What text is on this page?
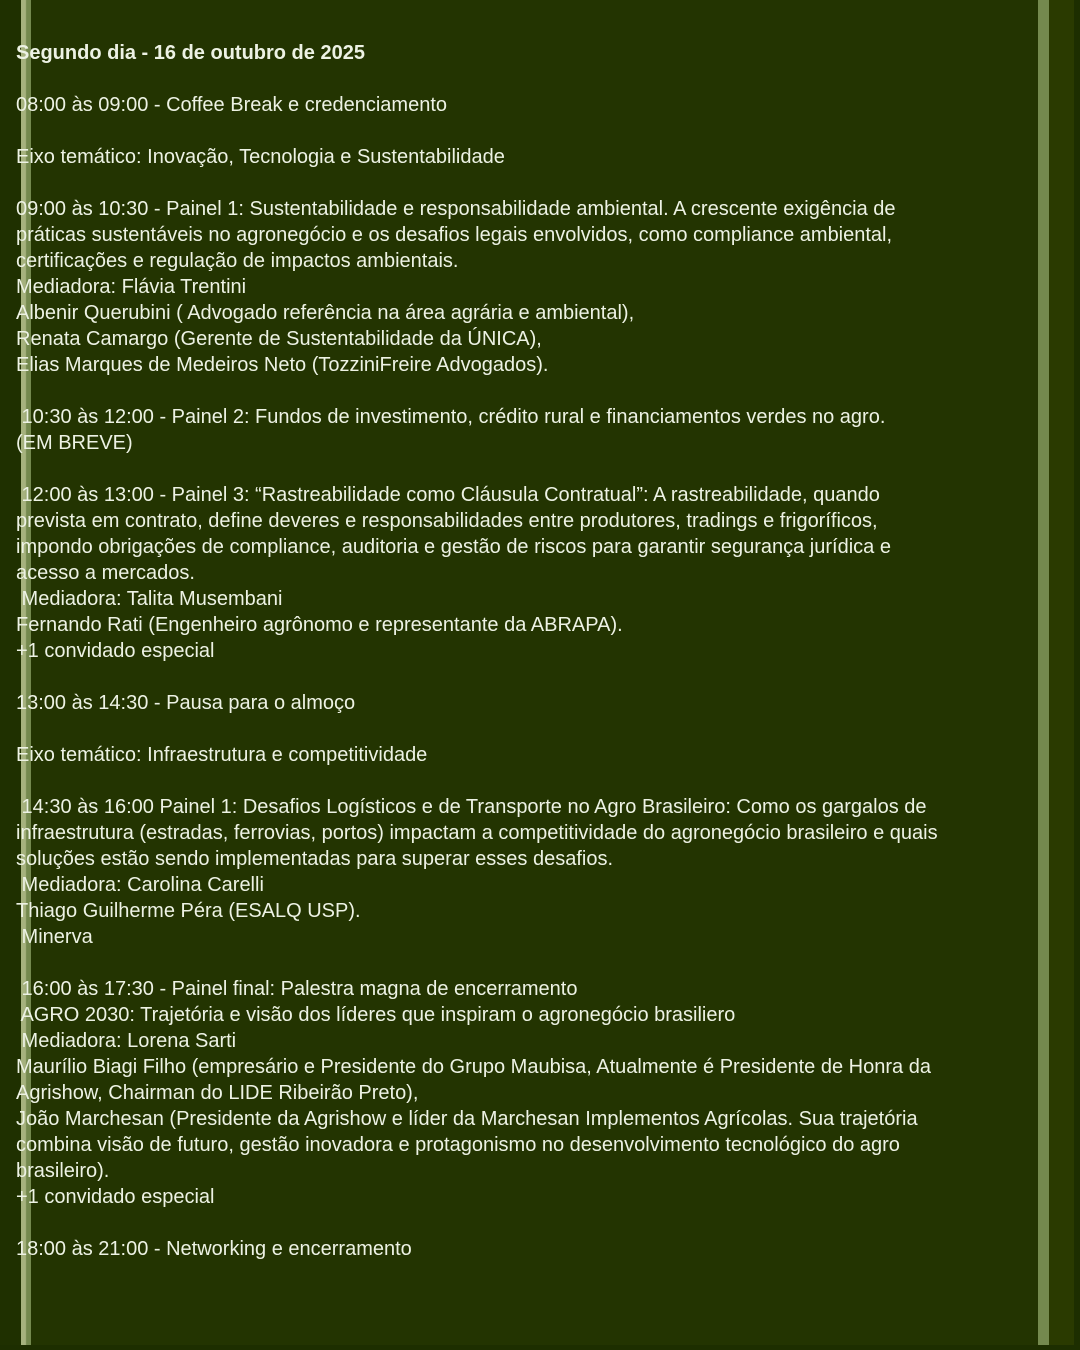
Segundo dia - 16 de outubro de 2025
08:00 às 09:00 - Coffee Break e credenciamento
Eixo temático: Inovação, Tecnologia e Sustentabilidade
09:00 às 10:30 - Painel 1: Sustentabilidade e responsabilidade ambiental. A crescente exigência de
práticas sustentáveis no agronegócio e os desafios legais envolvidos, como compliance ambiental,
certificações e regulação de impactos ambientais.
Mediadora: Flávia Trentini
Albenir Querubini ( Advogado referência na área agrária e ambiental),
Renata Camargo (Gerente de Sustentabilidade da ÚNICA),
Elias Marques de Medeiros Neto (TozziniFreire Advogados).
10:30 às 12:00 - Painel 2: Fundos de investimento, crédito rural e financiamentos verdes no agro.
(EM BREVE)
12:00 às 13:00 - Painel 3: “Rastreabilidade como Cláusula Contratual”: A rastreabilidade, quando
prevista em contrato, define deveres e responsabilidades entre produtores, tradings e frigoríficos,
impondo obrigações de compliance, auditoria e gestão de riscos para garantir segurança jurídica e
acesso a mercados.
Mediadora: Talita Musembani
Fernando Rati (Engenheiro agrônomo e representante da ABRAPA).
+1 convidado especial
13:00 às 14:30 - Pausa para o almoço
Eixo temático: Infraestrutura e competitividade
14:30 às 16:00 Painel 1: Desafios Logísticos e de Transporte no Agro Brasileiro: Como os gargalos de
infraestrutura (estradas, ferrovias, portos) impactam a competitividade do agronegócio brasileiro e quais
soluções estão sendo implementadas para superar esses desafios.
Mediadora: Carolina Carelli
Thiago Guilherme Péra (ESALQ USP).
Minerva
16:00 às 17:30 - Painel final: Palestra magna de encerramento
AGRO 2030: Trajetória e visão dos líderes que inspiram o agronegócio brasiliero
Mediadora: Lorena Sarti
Maurílio Biagi Filho (empresário e Presidente do Grupo Maubisa, Atualmente é Presidente de Honra da
Agrishow, Chairman do LIDE Ribeirão Preto),
João Marchesan (Presidente da Agrishow e líder da Marchesan Implementos Agrícolas. Sua trajetória
combina visão de futuro, gestão inovadora e protagonismo no desenvolvimento tecnológico do agro
brasileiro).
+1 convidado especial
18:00 às 21:00 - Networking e encerramento
